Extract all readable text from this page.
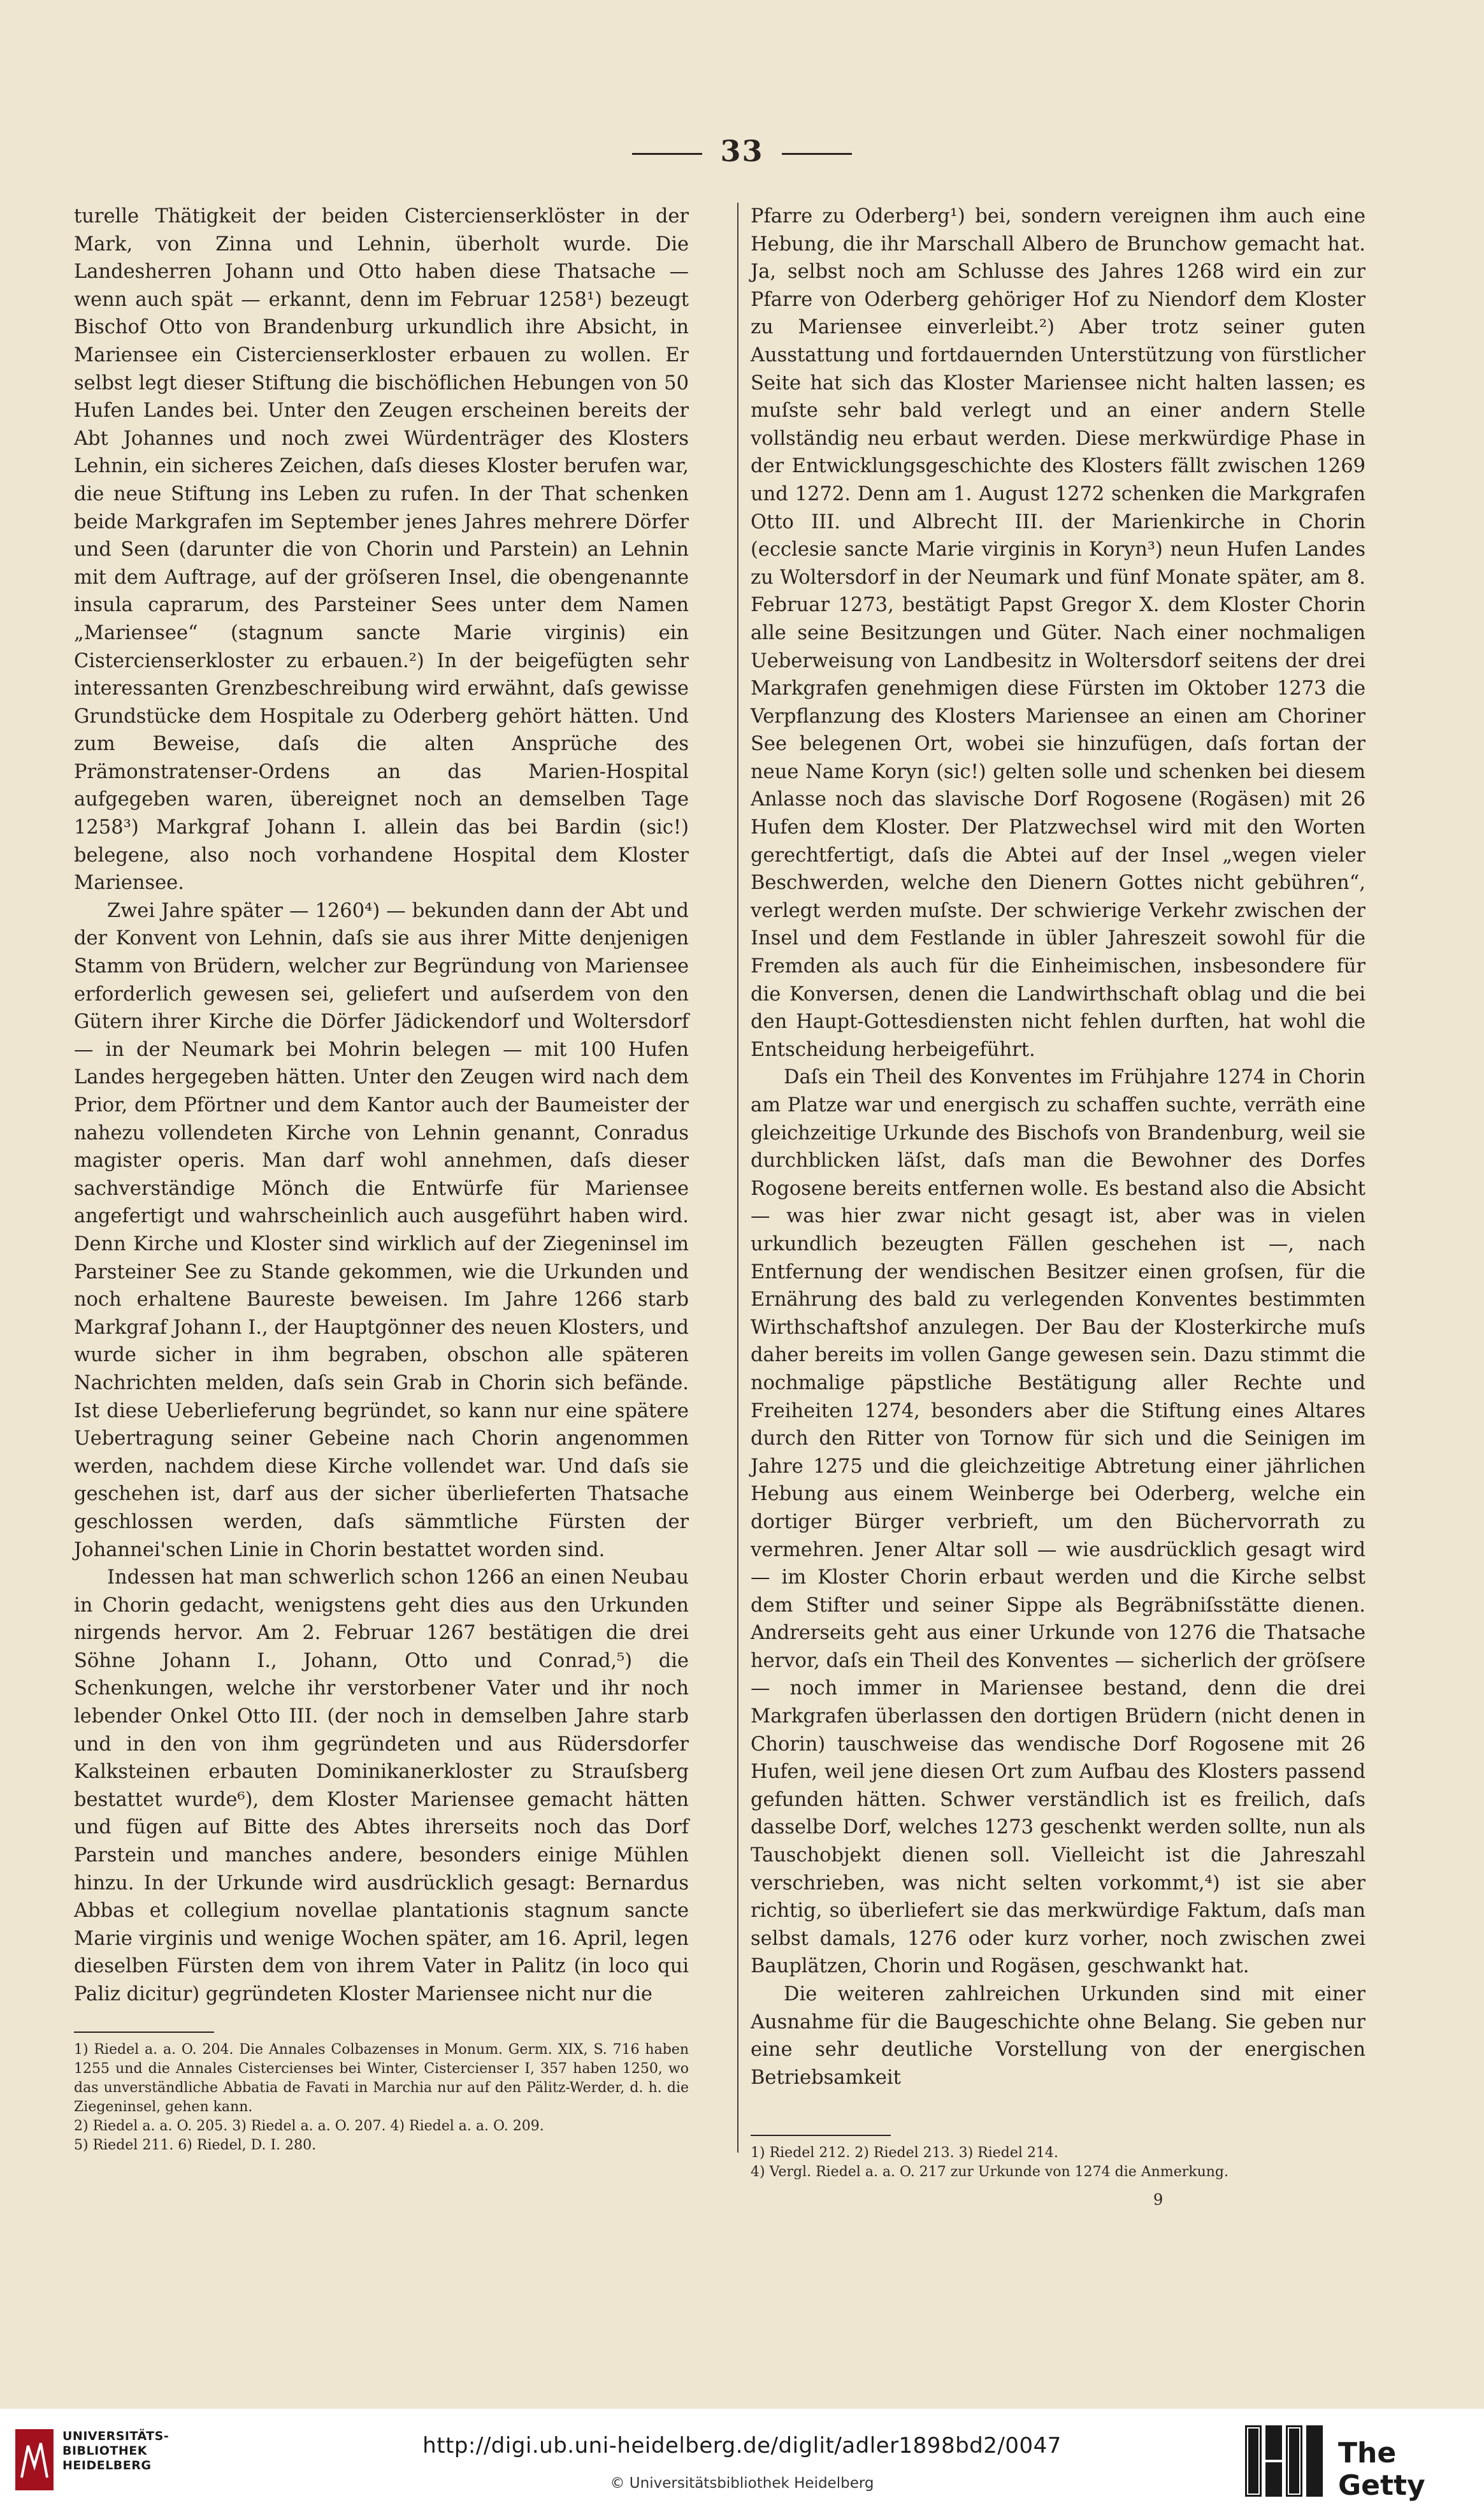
33

turelle Thätigkeit der beiden Cistercienserklöster in der Mark, von Zinna und Lehnin, überholt wurde. Die Landesherren Johann und Otto haben diese Thatsache — wenn auch spät — erkannt, denn im Februar 1258¹) bezeugt Bischof Otto von Brandenburg urkundlich ihre Absicht, in Mariensee ein Cistercienserkloster erbauen zu wollen. Er selbst legt dieser Stiftung die bischöflichen Hebungen von 50 Hufen Landes bei. Unter den Zeugen erscheinen bereits der Abt Johannes und noch zwei Würdenträger des Klosters Lehnin, ein sicheres Zeichen, daſs dieses Kloster berufen war, die neue Stiftung ins Leben zu rufen. In der That schenken beide Markgrafen im September jenes Jahres mehrere Dörfer und Seen (darunter die von Chorin und Parstein) an Lehnin mit dem Auftrage, auf der gröſseren Insel, die obengenannte insula caprarum, des Parsteiner Sees unter dem Namen „Mariensee“ (stagnum sancte Marie virginis) ein Cistercienserkloster zu erbauen.²) In der beigefügten sehr interessanten Grenzbeschreibung wird erwähnt, daſs gewisse Grundstücke dem Hospitale zu Oderberg gehört hätten. Und zum Beweise, daſs die alten Ansprüche des Prämonstratenser-Ordens an das Marien-Hospital aufgegeben waren, übereignet noch an demselben Tage 1258³) Markgraf Johann I. allein das bei Bardin (sic!) belegene, also noch vorhandene Hospital dem Kloster Mariensee.

Zwei Jahre später — 1260⁴) — bekunden dann der Abt und der Konvent von Lehnin, daſs sie aus ihrer Mitte denjenigen Stamm von Brüdern, welcher zur Begründung von Mariensee erforderlich gewesen sei, geliefert und auſserdem von den Gütern ihrer Kirche die Dörfer Jädickendorf und Woltersdorf — in der Neumark bei Mohrin belegen — mit 100 Hufen Landes hergegeben hätten. Unter den Zeugen wird nach dem Prior, dem Pförtner und dem Kantor auch der Baumeister der nahezu vollendeten Kirche von Lehnin genannt, Conradus magister operis. Man darf wohl annehmen, daſs dieser sachverständige Mönch die Entwürfe für Mariensee angefertigt und wahrscheinlich auch ausgeführt haben wird. Denn Kirche und Kloster sind wirklich auf der Ziegeninsel im Parsteiner See zu Stande gekommen, wie die Urkunden und noch erhaltene Baureste beweisen. Im Jahre 1266 starb Markgraf Johann I., der Hauptgönner des neuen Klosters, und wurde sicher in ihm begraben, obschon alle späteren Nachrichten melden, daſs sein Grab in Chorin sich befände. Ist diese Ueberlieferung begründet, so kann nur eine spätere Uebertragung seiner Gebeine nach Chorin angenommen werden, nachdem diese Kirche vollendet war. Und daſs sie geschehen ist, darf aus der sicher überlieferten Thatsache geschlossen werden, daſs sämmtliche Fürsten der Johannei'schen Linie in Chorin bestattet worden sind.

Indessen hat man schwerlich schon 1266 an einen Neubau in Chorin gedacht, wenigstens geht dies aus den Urkunden nirgends hervor. Am 2. Februar 1267 bestätigen die drei Söhne Johann I., Johann, Otto und Conrad,⁵) die Schenkungen, welche ihr verstorbener Vater und ihr noch lebender Onkel Otto III. (der noch in demselben Jahre starb und in den von ihm gegründeten und aus Rüdersdorfer Kalksteinen erbauten Dominikanerkloster zu Strauſsberg bestattet wurde⁶), dem Kloster Mariensee gemacht hätten und fügen auf Bitte des Abtes ihrerseits noch das Dorf Parstein und manches andere, besonders einige Mühlen hinzu. In der Urkunde wird ausdrücklich gesagt: Bernardus Abbas et collegium novellae plantationis stagnum sancte Marie virginis und wenige Wochen später, am 16. April, legen dieselben Fürsten dem von ihrem Vater in Palitz (in loco qui Paliz dicitur) gegründeten Kloster Mariensee nicht nur die

Pfarre zu Oderberg¹) bei, sondern vereignen ihm auch eine Hebung, die ihr Marschall Albero de Brunchow gemacht hat. Ja, selbst noch am Schlusse des Jahres 1268 wird ein zur Pfarre von Oderberg gehöriger Hof zu Niendorf dem Kloster zu Mariensee einverleibt.²) Aber trotz seiner guten Ausstattung und fortdauernden Unterstützung von fürstlicher Seite hat sich das Kloster Mariensee nicht halten lassen; es muſste sehr bald verlegt und an einer andern Stelle vollständig neu erbaut werden. Diese merkwürdige Phase in der Entwicklungsgeschichte des Klosters fällt zwischen 1269 und 1272. Denn am 1. August 1272 schenken die Markgrafen Otto III. und Albrecht III. der Marienkirche in Chorin (ecclesie sancte Marie virginis in Koryn³) neun Hufen Landes zu Woltersdorf in der Neumark und fünf Monate später, am 8. Februar 1273, bestätigt Papst Gregor X. dem Kloster Chorin alle seine Besitzungen und Güter. Nach einer nochmaligen Ueberweisung von Landbesitz in Woltersdorf seitens der drei Markgrafen genehmigen diese Fürsten im Oktober 1273 die Verpflanzung des Klosters Mariensee an einen am Choriner See belegenen Ort, wobei sie hinzufügen, daſs fortan der neue Name Koryn (sic!) gelten solle und schenken bei diesem Anlasse noch das slavische Dorf Rogosene (Rogäsen) mit 26 Hufen dem Kloster. Der Platzwechsel wird mit den Worten gerechtfertigt, daſs die Abtei auf der Insel „wegen vieler Beschwerden, welche den Dienern Gottes nicht gebühren“, verlegt werden muſste. Der schwierige Verkehr zwischen der Insel und dem Festlande in übler Jahreszeit sowohl für die Fremden als auch für die Einheimischen, insbesondere für die Konversen, denen die Landwirthschaft oblag und die bei den Haupt-Gottesdiensten nicht fehlen durften, hat wohl die Entscheidung herbeigeführt.

Daſs ein Theil des Konventes im Frühjahre 1274 in Chorin am Platze war und energisch zu schaffen suchte, verräth eine gleichzeitige Urkunde des Bischofs von Brandenburg, weil sie durchblicken läſst, daſs man die Bewohner des Dorfes Rogosene bereits entfernen wolle. Es bestand also die Absicht — was hier zwar nicht gesagt ist, aber was in vielen urkundlich bezeugten Fällen geschehen ist —, nach Entfernung der wendischen Besitzer einen groſsen, für die Ernährung des bald zu verlegenden Konventes bestimmten Wirthschaftshof anzulegen. Der Bau der Klosterkirche muſs daher bereits im vollen Gange gewesen sein. Dazu stimmt die nochmalige päpstliche Bestätigung aller Rechte und Freiheiten 1274, besonders aber die Stiftung eines Altares durch den Ritter von Tornow für sich und die Seinigen im Jahre 1275 und die gleichzeitige Abtretung einer jährlichen Hebung aus einem Weinberge bei Oderberg, welche ein dortiger Bürger verbrieft, um den Büchervorrath zu vermehren. Jener Altar soll — wie ausdrücklich gesagt wird — im Kloster Chorin erbaut werden und die Kirche selbst dem Stifter und seiner Sippe als Begräbniſsstätte dienen. Andrerseits geht aus einer Urkunde von 1276 die Thatsache hervor, daſs ein Theil des Konventes — sicherlich der gröſsere — noch immer in Mariensee bestand, denn die drei Markgrafen überlassen den dortigen Brüdern (nicht denen in Chorin) tauschweise das wendische Dorf Rogosene mit 26 Hufen, weil jene diesen Ort zum Aufbau des Klosters passend gefunden hätten. Schwer verständlich ist es freilich, daſs dasselbe Dorf, welches 1273 geschenkt werden sollte, nun als Tauschobjekt dienen soll. Vielleicht ist die Jahreszahl verschrieben, was nicht selten vorkommt,⁴) ist sie aber richtig, so überliefert sie das merkwürdige Faktum, daſs man selbst damals, 1276 oder kurz vorher, noch zwischen zwei Bauplätzen, Chorin und Rogäsen, geschwankt hat.

Die weiteren zahlreichen Urkunden sind mit einer Ausnahme für die Baugeschichte ohne Belang. Sie geben nur eine sehr deutliche Vorstellung von der energischen Betriebsamkeit

1) Riedel a. a. O. 204. Die Annales Colbazenses in Monum. Germ. XIX, S. 716 haben 1255 und die Annales Cistercienses bei Winter, Cistercienser I, 357 haben 1250, wo das unverständliche Abbatia de Favati in Marchia nur auf den Pälitz-Werder, d. h. die Ziegeninsel, gehen kann.

2) Riedel a. a. O. 205. 3) Riedel a. a. O. 207. 4) Riedel a. a. O. 209.

5) Riedel 211. 6) Riedel, D. I. 280.	1) Riedel 212. 2) Riedel 213. 3) Riedel 214.

4) Vergl. Riedel a. a. O. 217 zur Urkunde von 1274 die Anmerkung.

9
UNIVERSITÄTS-
BIBLIOTHEK
HEIDELBERG
http://digi.ub.uni-heidelberg.de/diglit/adler1898bd2/0047
© Universitätsbibliothek Heidelberg
The Getty
